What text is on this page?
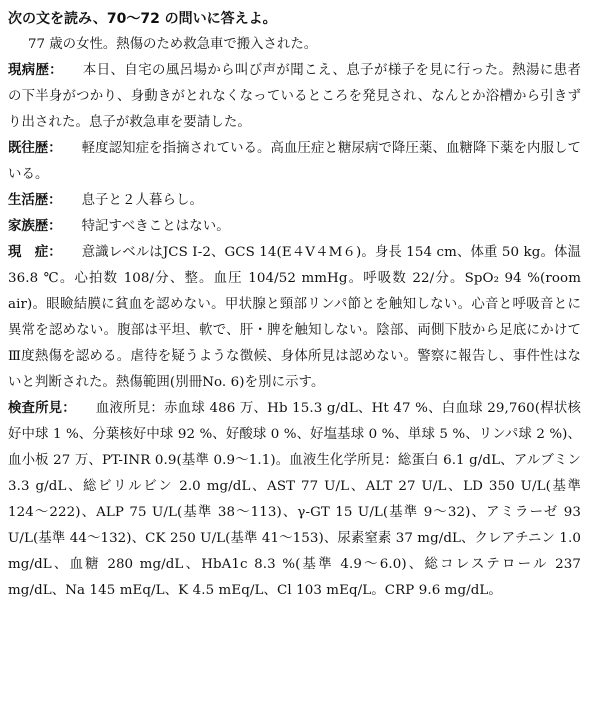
次の文を読み、70〜72 の問いに答えよ。

77 歳の女性。熱傷のため救急車で搬入された。

現病歴： 本日、自宅の風呂場から叫び声が聞こえ、息子が様子を見に行った。熱湯に患者の下半身がつかり、身動きがとれなくなっているところを発見され、なんとか浴槽から引きずり出された。息子が救急車を要請した。

既往歴： 軽度認知症を指摘されている。高血圧症と糖尿病で降圧薬、血糖降下薬を内服している。

生活歴： 息子と２人暮らし。

家族歴： 特記すべきことはない。

現　症： 意識レベルはJCS Ⅰ-2、GCS 14(E４V４M６)。身長 154 cm、体重 50 kg。体温 36.8 ℃。心拍数 108/分、整。血圧 104/52 mmHg。呼吸数 22/分。SpO₂ 94 %(room air)。眼瞼結膜に貧血を認めない。甲状腺と頸部リンパ節とを触知しない。心音と呼吸音とに異常を認めない。腹部は平坦、軟で、肝・脾を触知しない。陰部、両側下肢から足底にかけてⅢ度熱傷を認める。虐待を疑うような徴候、身体所見は認めない。警察に報告し、事件性はないと判断された。熱傷範囲(別冊No. 6)を別に示す。

検査所見： 血液所見：赤血球 486 万、Hb 15.3 g/dL、Ht 47 %、白血球 29,760(桿状核好中球 1 %、分葉核好中球 92 %、好酸球 0 %、好塩基球 0 %、単球 5 %、リンパ球 2 %)、血小板 27 万、PT-INR 0.9(基準 0.9〜1.1)。血液生化学所見：総蛋白 6.1 g/dL、アルブミン 3.3 g/dL、総ビリルビン 2.0 mg/dL、AST 77 U/L、ALT 27 U/L、LD 350 U/L(基準 124〜222)、ALP 75 U/L(基準 38〜113)、γ-GT 15 U/L(基準 9〜32)、アミラーゼ 93 U/L(基準 44〜132)、CK 250 U/L(基準 41〜153)、尿素窒素 37 mg/dL、クレアチニン 1.0 mg/dL、血糖 280 mg/dL、HbA1c 8.3 %(基準 4.9〜6.0)、総コレステロール 237 mg/dL、Na 145 mEq/L、K 4.5 mEq/L、Cl 103 mEq/L。CRP 9.6 mg/dL。
